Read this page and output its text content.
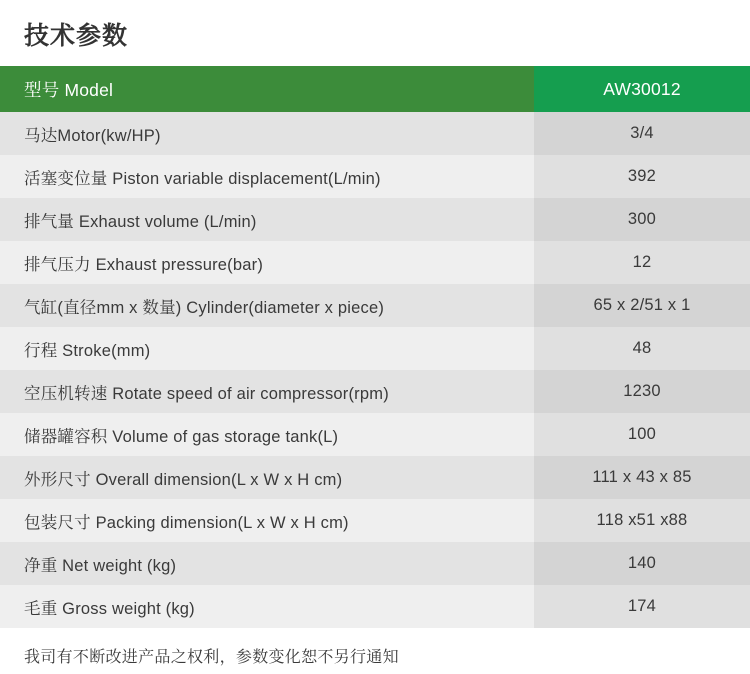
技术参数
型号 Model	AW30012
马达Motor(kw/HP)	3/4
活塞变位量 Piston variable displacement(L/min)	392
排气量 Exhaust volume (L/min)	300
排气压力 Exhaust pressure(bar)	12
气缸(直径mm x 数量) Cylinder(diameter x piece)	65 x 2/51 x 1
行程 Stroke(mm)	48
空压机转速 Rotate speed of air compressor(rpm)	1230
储器罐容积 Volume of gas storage tank(L)	100
外形尺寸 Overall dimension(L x W x H cm)	111 x 43 x 85
包装尺寸 Packing dimension(L x W x H cm)	118 x51 x88
净重 Net weight (kg)	140
毛重 Gross weight (kg)	174
我司有不断改进产品之权利，参数变化恕不另行通知
